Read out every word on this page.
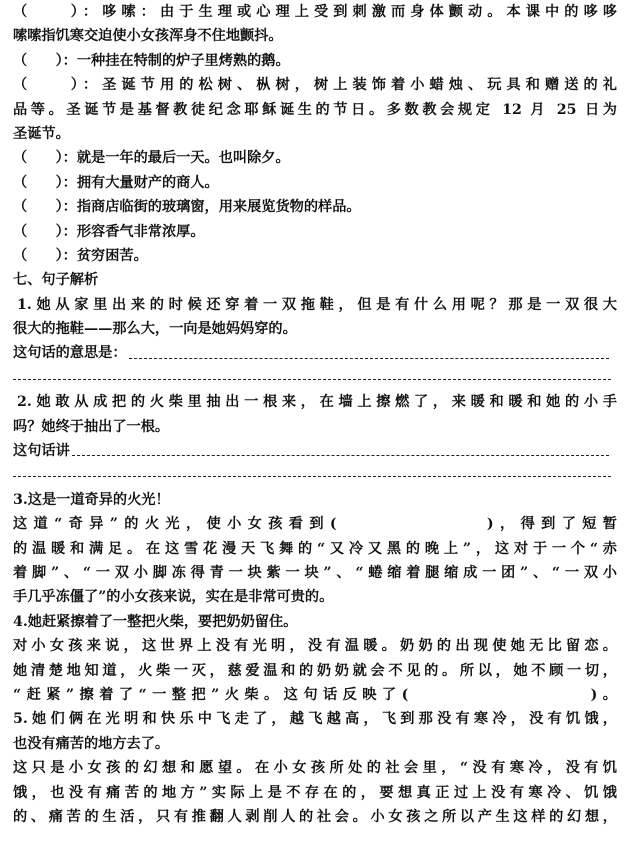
（　　）：哆嗦：由于生理或心理上受到刺激而身体颤动。本课中的哆哆
嗦嗦指饥寒交迫使小女孩浑身不住地颤抖。
（　　）：一种挂在特制的炉子里烤熟的鹅。
（　　）：圣诞节用的松树、枞树，树上装饰着小蜡烛、玩具和赠送的礼
品等。圣诞节是基督教徒纪念耶稣诞生的节日。多数教会规定 12 月 25 日为
圣诞节。
（　　）：就是一年的最后一天。也叫除夕。
（　　）：拥有大量财产的商人。
（　　）：指商店临街的玻璃窗，用来展览货物的样品。
（　　）：形容香气非常浓厚。
（　　）：贫穷困苦。
七、句子解析
1.她从家里出来的时候还穿着一双拖鞋，但是有什么用呢？那是一双很大
很大的拖鞋——那么大，一向是她妈妈穿的。
这句话的意思是：
2.她敢从成把的火柴里抽出一根来，在墙上擦燃了，来暖和暖和她的小手
吗？她终于抽出了一根。
这句话讲
3.这是一道奇异的火光！
这道“奇异”的火光，使小女孩看到(　　　　　　　)，得到了短暂
的温暖和满足。在这雪花漫天飞舞的“又冷又黑的晚上”，这对于一个“赤
着脚”、“一双小脚冻得青一块紫一块”、“蜷缩着腿缩成一团”、“一双小
手几乎冻僵了”的小女孩来说，实在是非常可贵的。
4.她赶紧擦着了一整把火柴，要把奶奶留住。
对小女孩来说，这世界上没有光明，没有温暖。奶奶的出现使她无比留恋。
她清楚地知道，火柴一灭，慈爱温和的奶奶就会不见的。所以，她不顾一切，
“赶紧”擦着了“一整把”火柴。这句话反映了(　　　　　　　　　)。
5.她们俩在光明和快乐中飞走了，越飞越高，飞到那没有寒冷，没有饥饿，
也没有痛苦的地方去了。
这只是小女孩的幻想和愿望。在小女孩所处的社会里，“没有寒冷，没有饥
饿，也没有痛苦的地方”实际上是不存在的，要想真正过上没有寒冷、饥饿
的、痛苦的生活，只有推翻人剥削人的社会。小女孩之所以产生这样的幻想，
